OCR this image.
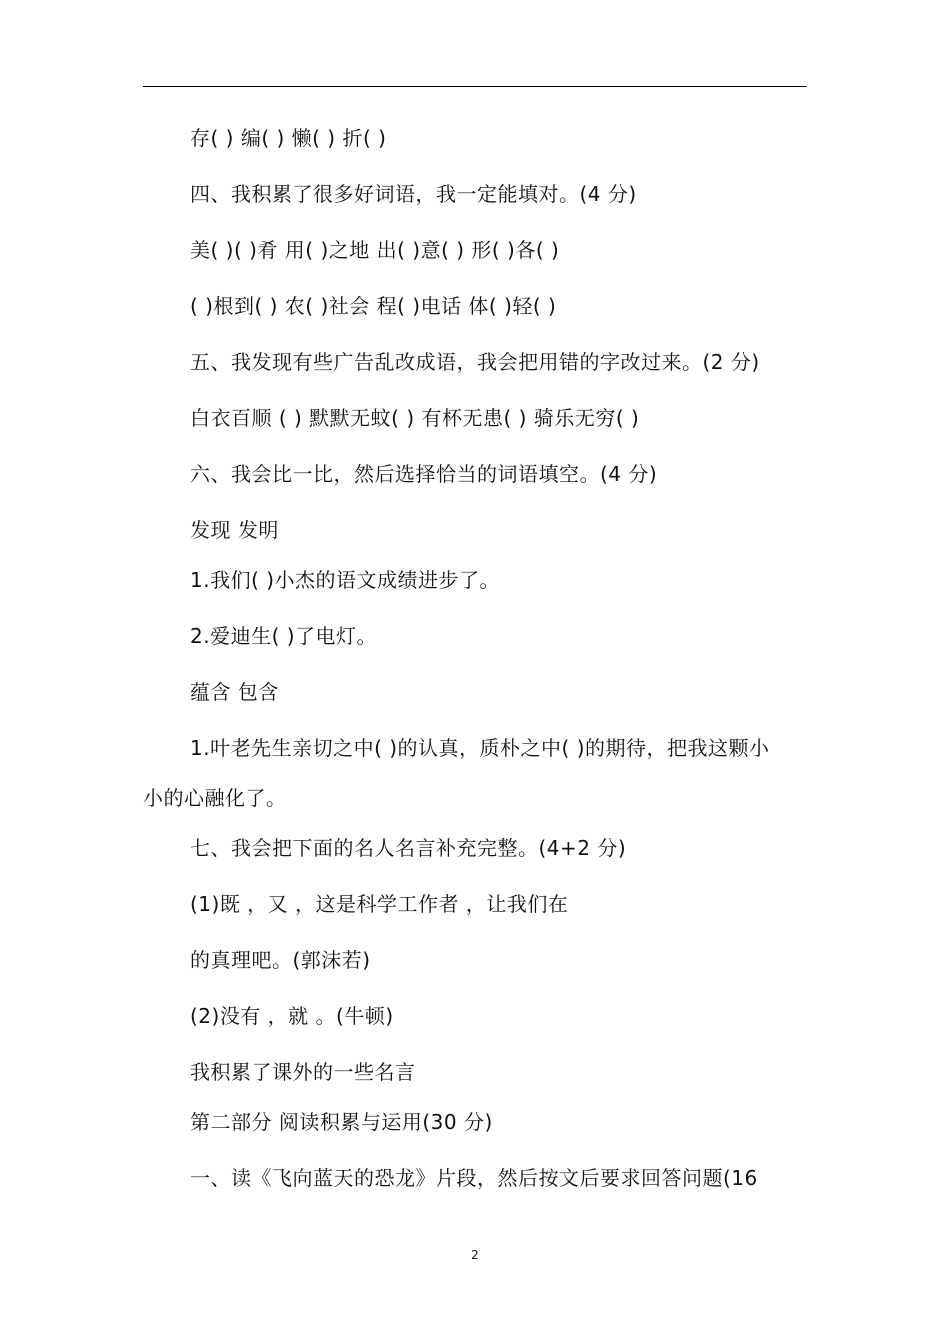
存( ) 编( ) 懒( ) 折( )
四、我积累了很多好词语，我一定能填对。(4 分)
美( )( )肴 用( )之地 出( )意( ) 形( )各( )
( )根到( ) 农( )社会 程( )电话 体( )轻( )
五、我发现有些广告乱改成语，我会把用错的字改过来。(2 分)
白衣百顺 ( ) 默默无蚊( ) 有杯无患( ) 骑乐无穷( )
六、我会比一比，然后选择恰当的词语填空。(4 分)
发现 发明
1.我们( )小杰的语文成绩进步了。
2.爱迪生( )了电灯。
蕴含 包含
1.叶老先生亲切之中( )的认真，质朴之中( )的期待，把我这颗小
小的心融化了。
七、我会把下面的名人名言补充完整。(4+2 分)
(1)既 ，又 ，这是科学工作者 ，让我们在
的真理吧。(郭沫若)
(2)没有 ，就 。(牛顿)
我积累了课外的一些名言
第二部分 阅读积累与运用(30 分)
一、读《飞向蓝天的恐龙》片段，然后按文后要求回答问题(16
2
